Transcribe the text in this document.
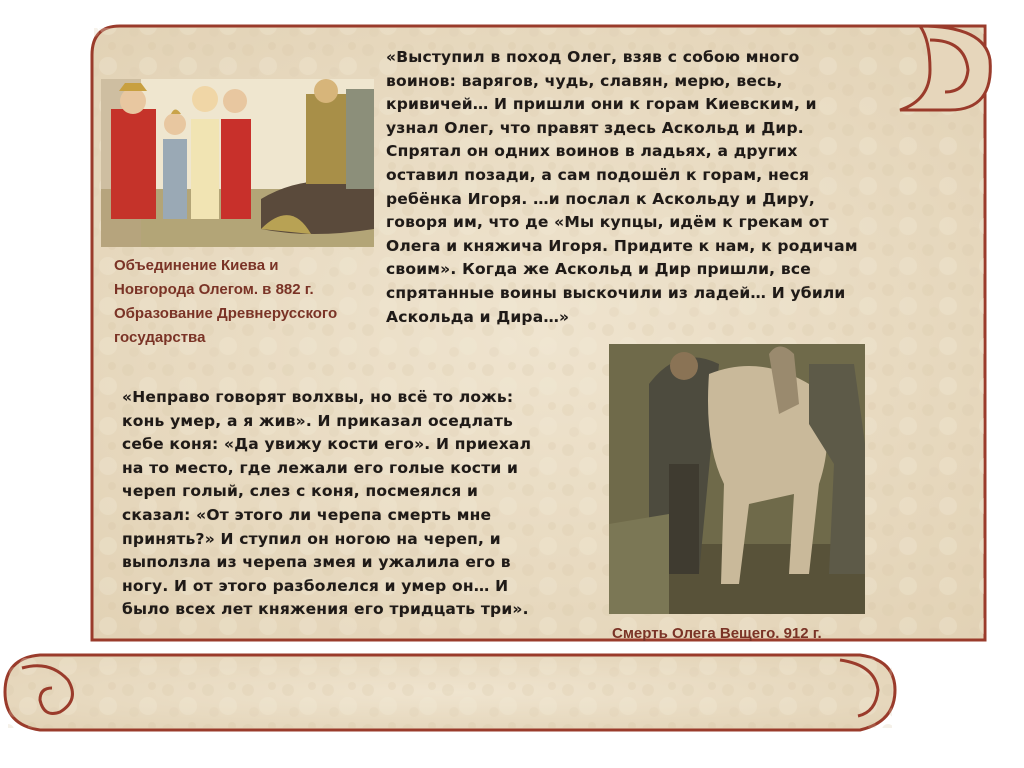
«Выступил в поход Олег, взяв с собою много
воинов: варягов, чудь, славян, мерю, весь,
кривичей… И пришли они к горам Киевским, и
узнал Олег, что правят здесь Аскольд и Дир.
Спрятал он одних воинов в ладьях, а других
оставил позади, а сам подошёл к горам, неся
ребёнка Игоря. …и послал к Аскольду и Диру,
говоря им, что де «Мы купцы, идём к грекам от
Олега и княжича Игоря. Придите к нам, к родичам
своим». Когда же Аскольд и Дир пришли, все
спрятанные воины выскочили из ладей… И убили
Аскольда и Дира…»
Объединение Киева и
Новгорода Олегом. в 882 г.
Образование Древнерусского
государства
«Неправо говорят волхвы, но всё то ложь:
конь умер, а я жив». И приказал оседлать
себе коня: «Да увижу кости его». И приехал
на то место, где лежали его голые кости и
череп голый, слез с коня, посмеялся и
сказал: «От этого ли черепа смерть мне
принять?» И ступил он ногою на череп, и
выползла из черепа змея и ужалила его в
ногу. И от этого разболелся и умер он… И
было всех лет княжения его тридцать три».
Смерть Олега Вещего. 912 г.
